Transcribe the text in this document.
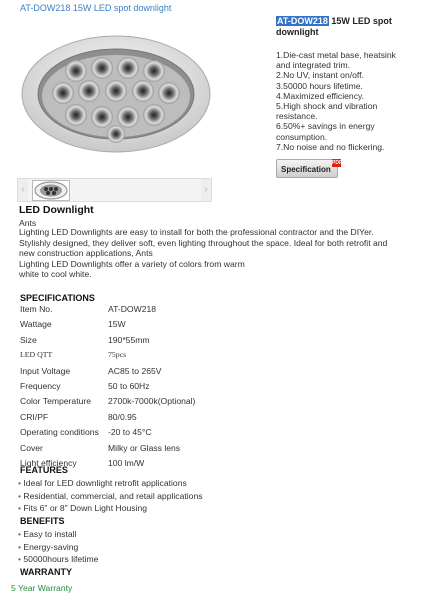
AT-DOW218 15W LED spot downlight
‹	›
AT-DOW218 15W LED spot
downlight
1.Die-cast metal base, heatsink
and integrated trim.
2.No UV, instant on/off.
3.50000 hours lifetime.
4.Maximized efficiency.
5.High shock and vibration
resistance.
6.50%+ savings in energy
consumption.
7.No noise and no flickering.
Specification
PDF
LED Downlight
Ants
Lighting LED Downlights are easy to install for both the professional contractor and the DIYer.
Stylishly designed, they deliver soft, even lighting throughout the space. Ideal for both retrofit and
new construction applications, Ants
Lighting LED Downlights offer a variety of colors from warm
white to cool white.
SPECIFICATIONS
Item No.	AT-DOW218
Wattage	15W
Size	190*55mm
LED QTT	75pcs
Input Voltage	AC85 to 265V
Frequency	50 to 60Hz
Color Temperature	2700k-7000k(Optional)
CRI/PF	80/0.95
Operating conditions	-20 to 45°C
Cover	Milky or Glass lens
Light efficiency	100 lm/W
FEATURES
• Ideal for LED downlight retrofit applications
• Residential, commercial, and retail applications
• Fits 6" or 8" Down Light Housing
BENEFITS
• Easy to install
• Energy-saving
• 50000hours lifetime
WARRANTY
5 Year Warranty
